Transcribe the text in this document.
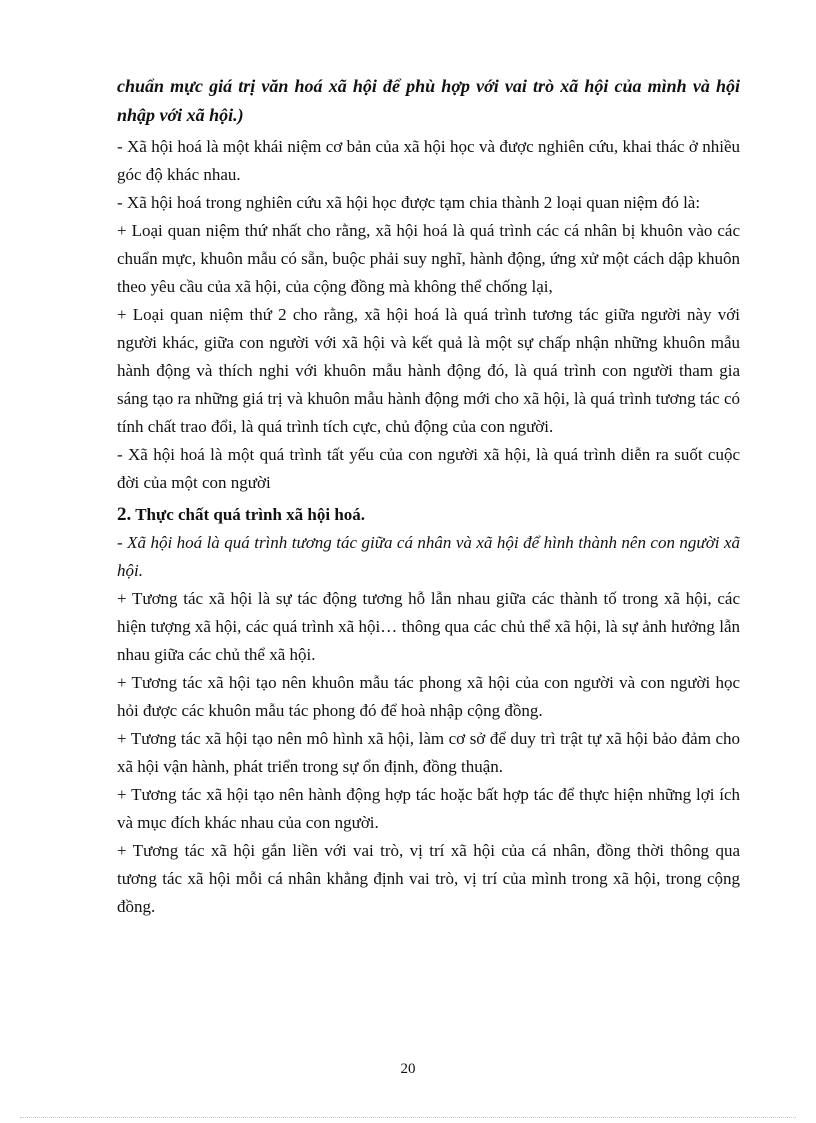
chuẩn mực giá trị văn hoá xã hội để phù hợp với vai trò xã hội của mình và hội nhập với xã hội.)

- Xã hội hoá là một khái niệm cơ bản của xã hội học và được nghiên cứu, khai thác ở nhiều góc độ khác nhau.

- Xã hội hoá trong nghiên cứu xã hội học được tạm chia thành 2 loại quan niệm đó là:

+ Loại quan niệm thứ nhất cho rằng, xã hội hoá là quá trình các cá nhân bị khuôn vào các chuẩn mực, khuôn mẫu có sẵn, buộc phải suy nghĩ, hành động, ứng xử một cách dập khuôn theo yêu cầu của xã hội, của cộng đồng mà không thể chống lại,

+ Loại quan niệm thứ 2 cho rằng, xã hội hoá là quá trình tương tác giữa người này với người khác, giữa con người với xã hội và kết quả là một sự chấp nhận những khuôn mẫu hành động và thích nghi với khuôn mẫu hành động đó, là quá trình con người tham gia sáng tạo ra những giá trị và khuôn mẫu hành động mới cho xã hội, là quá trình tương tác có tính chất trao đổi, là quá trình tích cực, chủ động của con người.

- Xã hội hoá là một quá trình tất yếu của con người xã hội, là quá trình diễn ra suốt cuộc đời của một con người

2. Thực chất quá trình xã hội hoá.

- Xã hội hoá là quá trình tương tác giữa cá nhân và xã hội để hình thành nên con người xã hội.

+ Tương tác xã hội là sự tác động tương hỗ lẫn nhau giữa các thành tố trong xã hội, các hiện tượng xã hội, các quá trình xã hội… thông qua các chủ thể xã hội, là sự ảnh hưởng lẫn nhau giữa các chủ thể xã hội.

+ Tương tác xã hội tạo nên khuôn mẫu tác phong xã hội của con người và con người học hỏi được các khuôn mẫu tác phong đó để hoà nhập cộng đồng.

+ Tương tác xã hội tạo nên mô hình xã hội, làm cơ sở để duy trì trật tự xã hội bảo đảm cho xã hội vận hành, phát triển trong sự ổn định, đồng thuận.

+ Tương tác xã hội tạo nên hành động hợp tác hoặc bất hợp tác để thực hiện những lợi ích và mục đích khác nhau của con người.

+ Tương tác xã hội gắn liền với vai trò, vị trí xã hội của cá nhân, đồng thời thông qua tương tác xã hội mỗi cá nhân khẳng định vai trò, vị trí của mình trong xã hội, trong cộng đồng.

20
